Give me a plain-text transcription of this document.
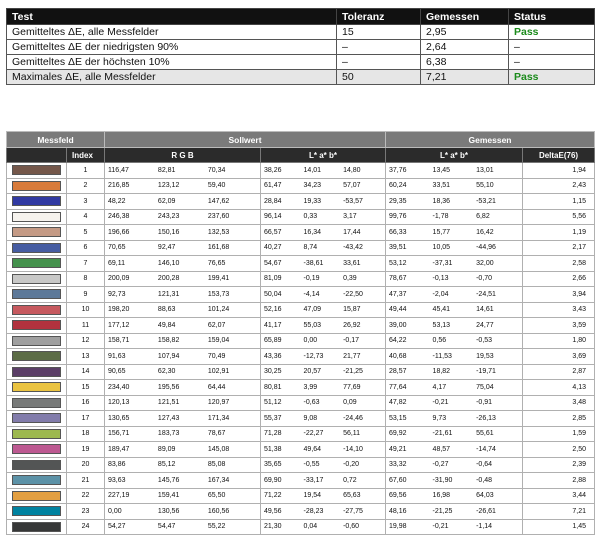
Test	Toleranz	Gemessen	Status
Gemitteltes ΔE, alle Messfelder	15	2,95	Pass
Gemitteltes ΔE der niedrigsten 90%	–	2,64	–
Gemitteltes ΔE der höchsten 10%	–	6,38	–
Maximales ΔE, alle Messfelder	50	7,21	Pass
Messfeld		Sollwert		Gemessen	
	Index	R G B	L* a* b*	L* a* b*	DeltaE(76)

	1	116,47 82,81 70,34	38,26 14,01 14,80	37,76 13,45 13,01	1,94

	2	216,85 123,12 59,40	61,47 34,23 57,07	60,24 33,51 55,10	2,43

	3	48,22 62,09 147,62	28,84 19,33 -53,57	29,35 18,36 -53,21	1,15

	4	246,38 243,23 237,60	96,14 0,33 3,17	99,76 -1,78 6,82	5,56

	5	196,66 150,16 132,53	66,57 16,34 17,44	66,33 15,77 16,42	1,19

	6	70,65 92,47 161,68	40,27 8,74 -43,42	39,51 10,05 -44,96	2,17

	7	69,11 146,10 76,65	54,67 -38,61 33,61	53,12 -37,31 32,00	2,58

	8	200,09 200,28 199,41	81,09 -0,19 0,39	78,67 -0,13 -0,70	2,66

	9	92,73 121,31 153,73	50,04 -4,14 -22,50	47,37 -2,04 -24,51	3,94

	10	198,20 88,63 101,24	52,16 47,09 15,87	49,44 45,41 14,61	3,43

	11	177,12 49,84 62,07	41,17 55,03 26,92	39,00 53,13 24,77	3,59

	12	158,71 158,82 159,04	65,89 0,00 -0,17	64,22 0,56 -0,53	1,80

	13	91,63 107,94 70,49	43,36 -12,73 21,77	40,68 -11,53 19,53	3,69

	14	90,65 62,30 102,91	30,25 20,57 -21,25	28,57 18,82 -19,71	2,87

	15	234,40 195,56 64,44	80,81 3,99 77,69	77,64 4,17 75,04	4,13

	16	120,13 121,51 120,97	51,12 -0,63 0,09	47,82 -0,21 -0,91	3,48

	17	130,65 127,43 171,34	55,37 9,08 -24,46	53,15 9,73 -26,13	2,85

	18	156,71 183,73 78,67	71,28 -22,27 56,11	69,92 -21,61 55,61	1,59

	19	189,47 89,09 145,08	51,38 49,64 -14,10	49,21 48,57 -14,74	2,50

	20	83,86 85,12 85,08	35,65 -0,55 -0,20	33,32 -0,27 -0,64	2,39

	21	93,63 145,76 167,34	69,90 -33,17 0,72	67,60 -31,90 -0,48	2,88

	22	227,19 159,41 65,50	71,22 19,54 65,63	69,56 16,98 64,03	3,44

	23	0,00 130,56 160,56	49,56 -28,23 -27,75	48,16 -21,25 -26,61	7,21

	24	54,27 54,47 55,22	21,30 0,04 -0,60	19,98 -0,21 -1,14	1,45
